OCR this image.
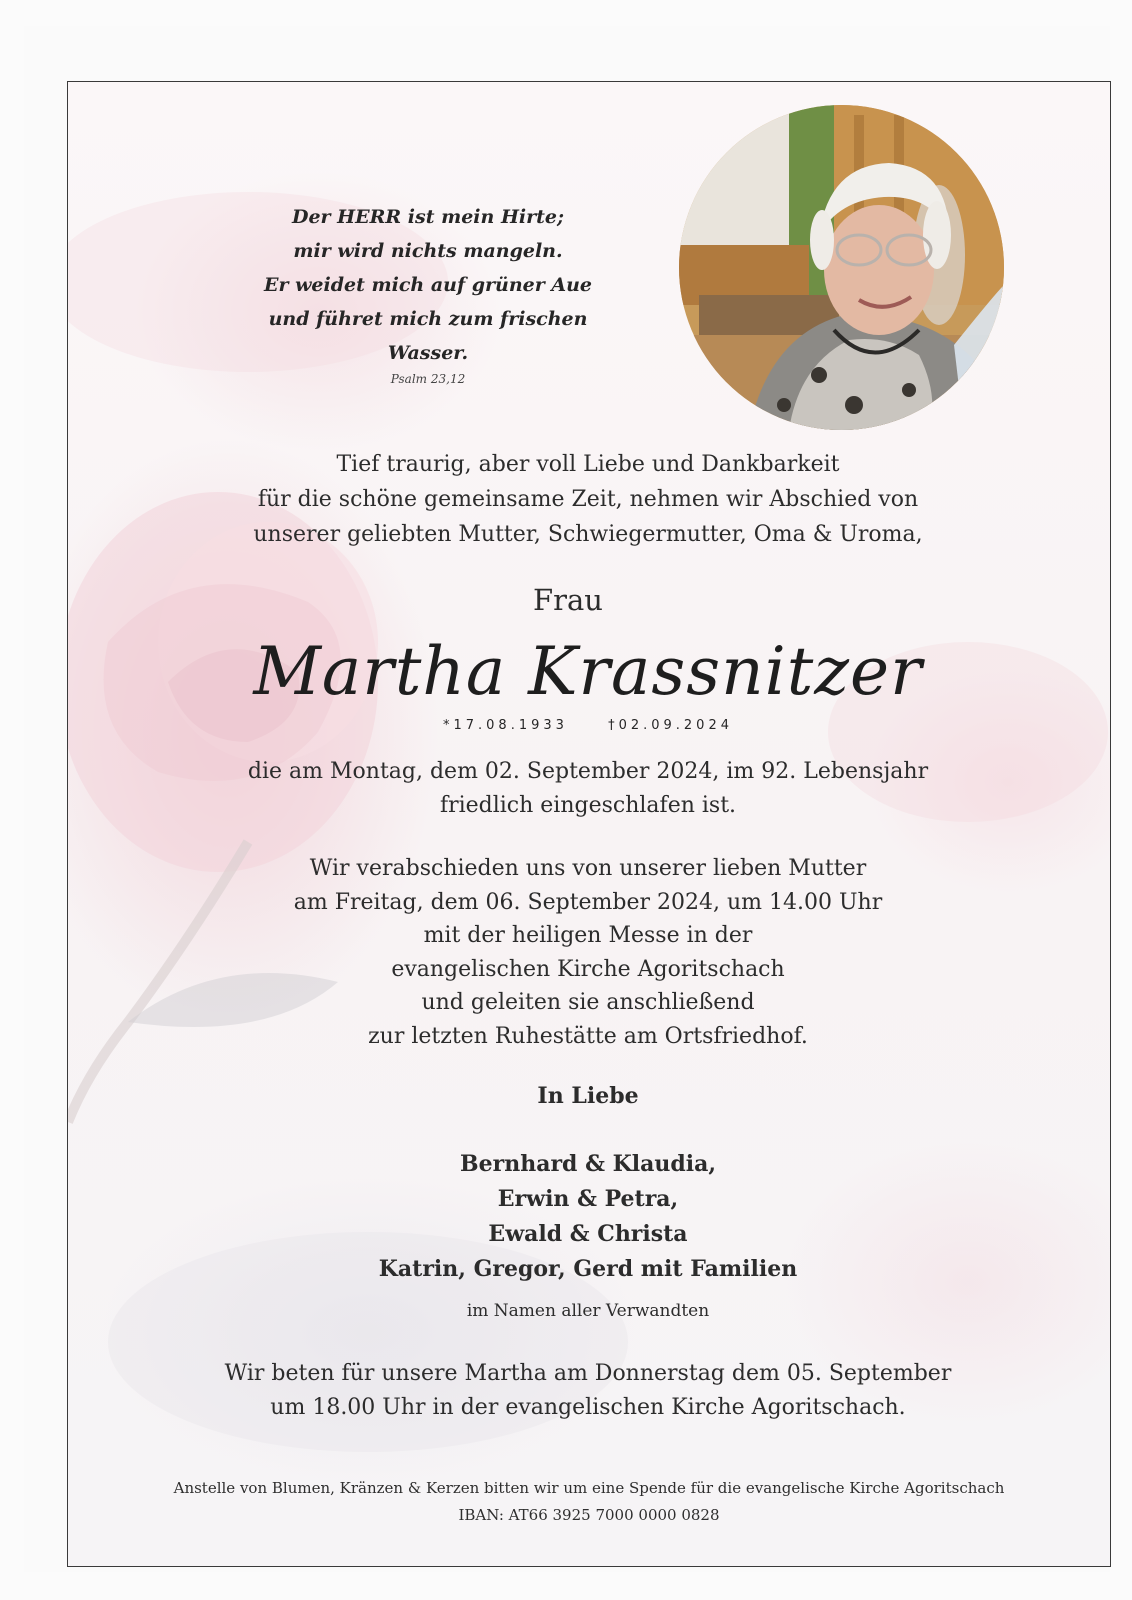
Der HERR ist mein Hirte;
mir wird nichts mangeln.
Er weidet mich auf grüner Aue
und führet mich zum frischen
Wasser.
Psalm 23,12
Tief traurig, aber voll Liebe und Dankbarkeit
für die schöne gemeinsame Zeit, nehmen wir Abschied von
unserer geliebten Mutter, Schwiegermutter, Oma & Uroma,
Frau
Martha Krassnitzer
*17.08.1933	†02.09.2024
die am Montag, dem 02. September 2024, im 92. Lebensjahr
friedlich eingeschlafen ist.
Wir verabschieden uns von unserer lieben Mutter
am Freitag, dem 06. September 2024, um 14.00 Uhr
mit der heiligen Messe in der
evangelischen Kirche Agoritschach
und geleiten sie anschließend
zur letzten Ruhestätte am Ortsfriedhof.
In Liebe
Bernhard & Klaudia,
Erwin & Petra,
Ewald & Christa
Katrin, Gregor, Gerd mit Familien
im Namen aller Verwandten
Wir beten für unsere Martha am Donnerstag dem 05. September
um 18.00 Uhr in der evangelischen Kirche Agoritschach.
Anstelle von Blumen, Kränzen & Kerzen bitten wir um eine Spende für die evangelische Kirche Agoritschach
IBAN: AT66 3925 7000 0000 0828
